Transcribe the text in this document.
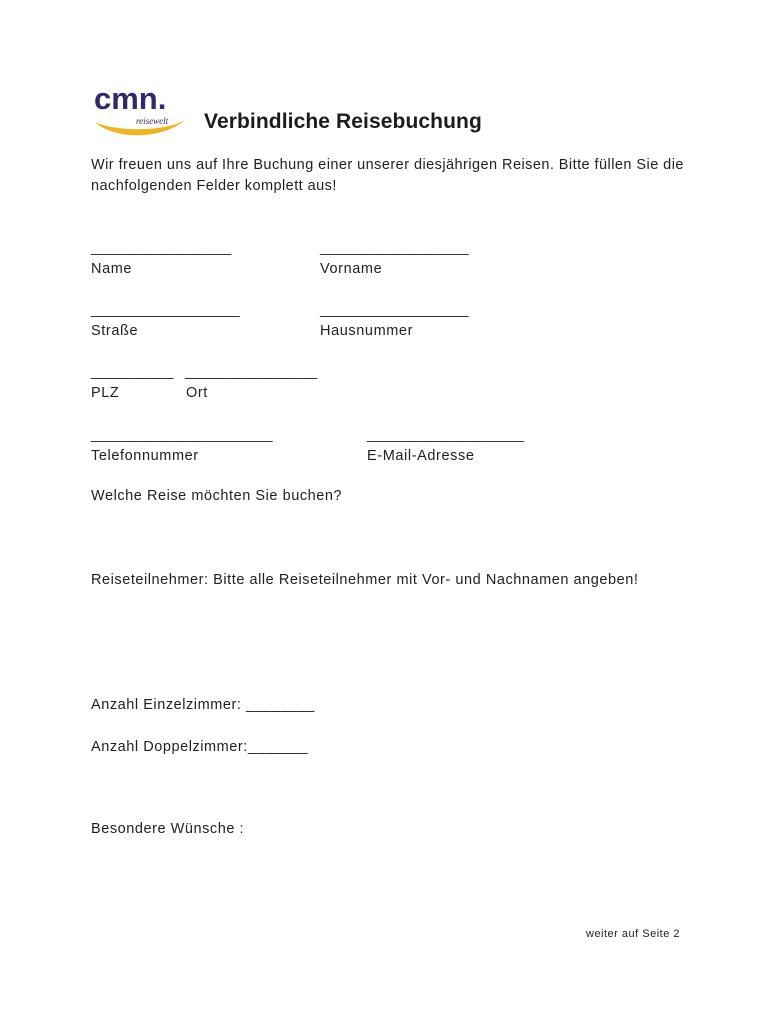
cmn.
reisewelt Verbindliche Reisebuchung
Wir freuen uns auf Ihre Buchung einer unserer diesjährigen Reisen. Bitte füllen Sie die nachfolgenden Felder komplett aus!
_________________
Name
__________________
Vorname
__________________
Straße
__________________
Hausnummer
__________
PLZ
________________
Ort
______________________
Telefonnummer
___________________
E-Mail-Adresse
Welche Reise möchten Sie buchen?
Reiseteilnehmer: Bitte alle Reiseteilnehmer mit Vor- und Nachnamen angeben!
Anzahl Einzelzimmer: ________
Anzahl Doppelzimmer:_______
Besondere Wünsche :
weiter auf Seite 2
